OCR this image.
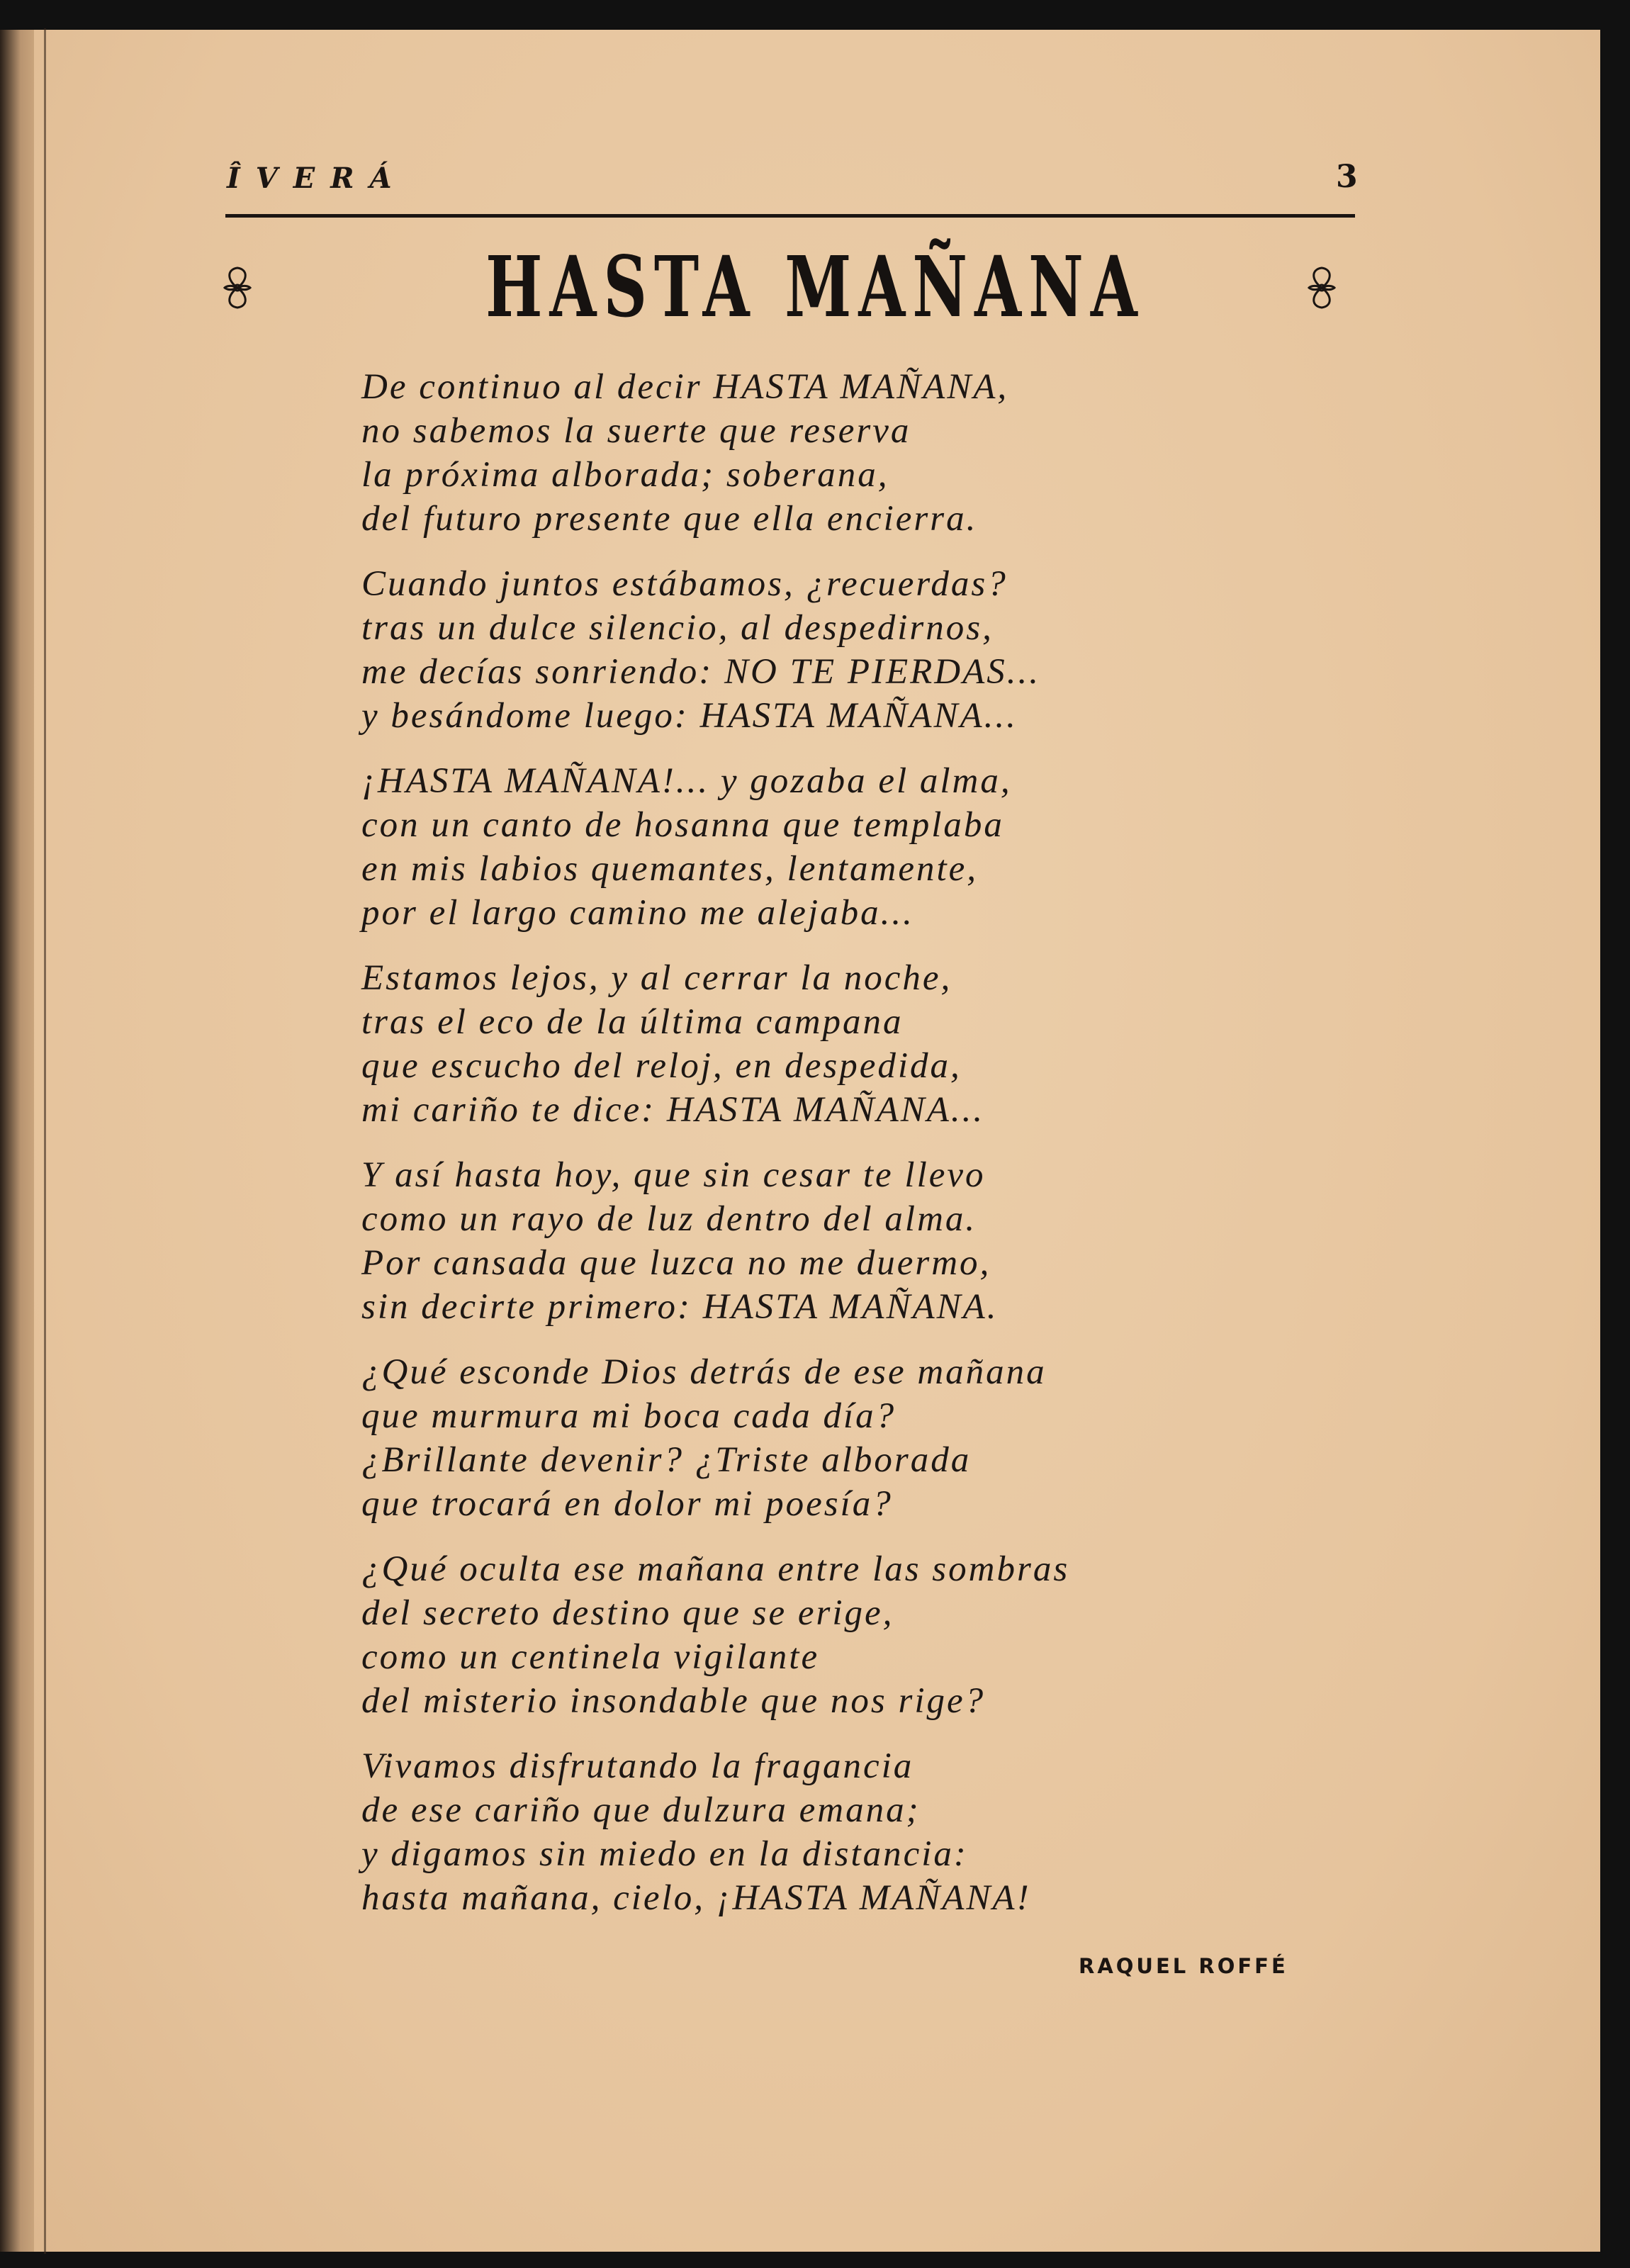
ÎVERÁ	3
HASTA MAÑANA
De continuo al decir HASTA MAÑANA,
no sabemos la suerte que reserva
la próxima alborada; soberana,
del futuro presente que ella encierra.
Cuando juntos estábamos, ¿recuerdas?
tras un dulce silencio, al despedirnos,
me decías sonriendo: NO TE PIERDAS...
y besándome luego: HASTA MAÑANA...
¡HASTA MAÑANA!... y gozaba el alma,
con un canto de hosanna que templaba
en mis labios quemantes, lentamente,
por el largo camino me alejaba...
Estamos lejos, y al cerrar la noche,
tras el eco de la última campana
que escucho del reloj, en despedida,
mi cariño te dice: HASTA MAÑANA...
Y así hasta hoy, que sin cesar te llevo
como un rayo de luz dentro del alma.
Por cansada que luzca no me duermo,
sin decirte primero: HASTA MAÑANA.
¿Qué esconde Dios detrás de ese mañana
que murmura mi boca cada día?
¿Brillante devenir? ¿Triste alborada
que trocará en dolor mi poesía?
¿Qué oculta ese mañana entre las sombras
del secreto destino que se erige,
como un centinela vigilante
del misterio insondable que nos rige?
Vivamos disfrutando la fragancia
de ese cariño que dulzura emana;
y digamos sin miedo en la distancia:
hasta mañana, cielo, ¡HASTA MAÑANA!
RAQUEL ROFFÉ
